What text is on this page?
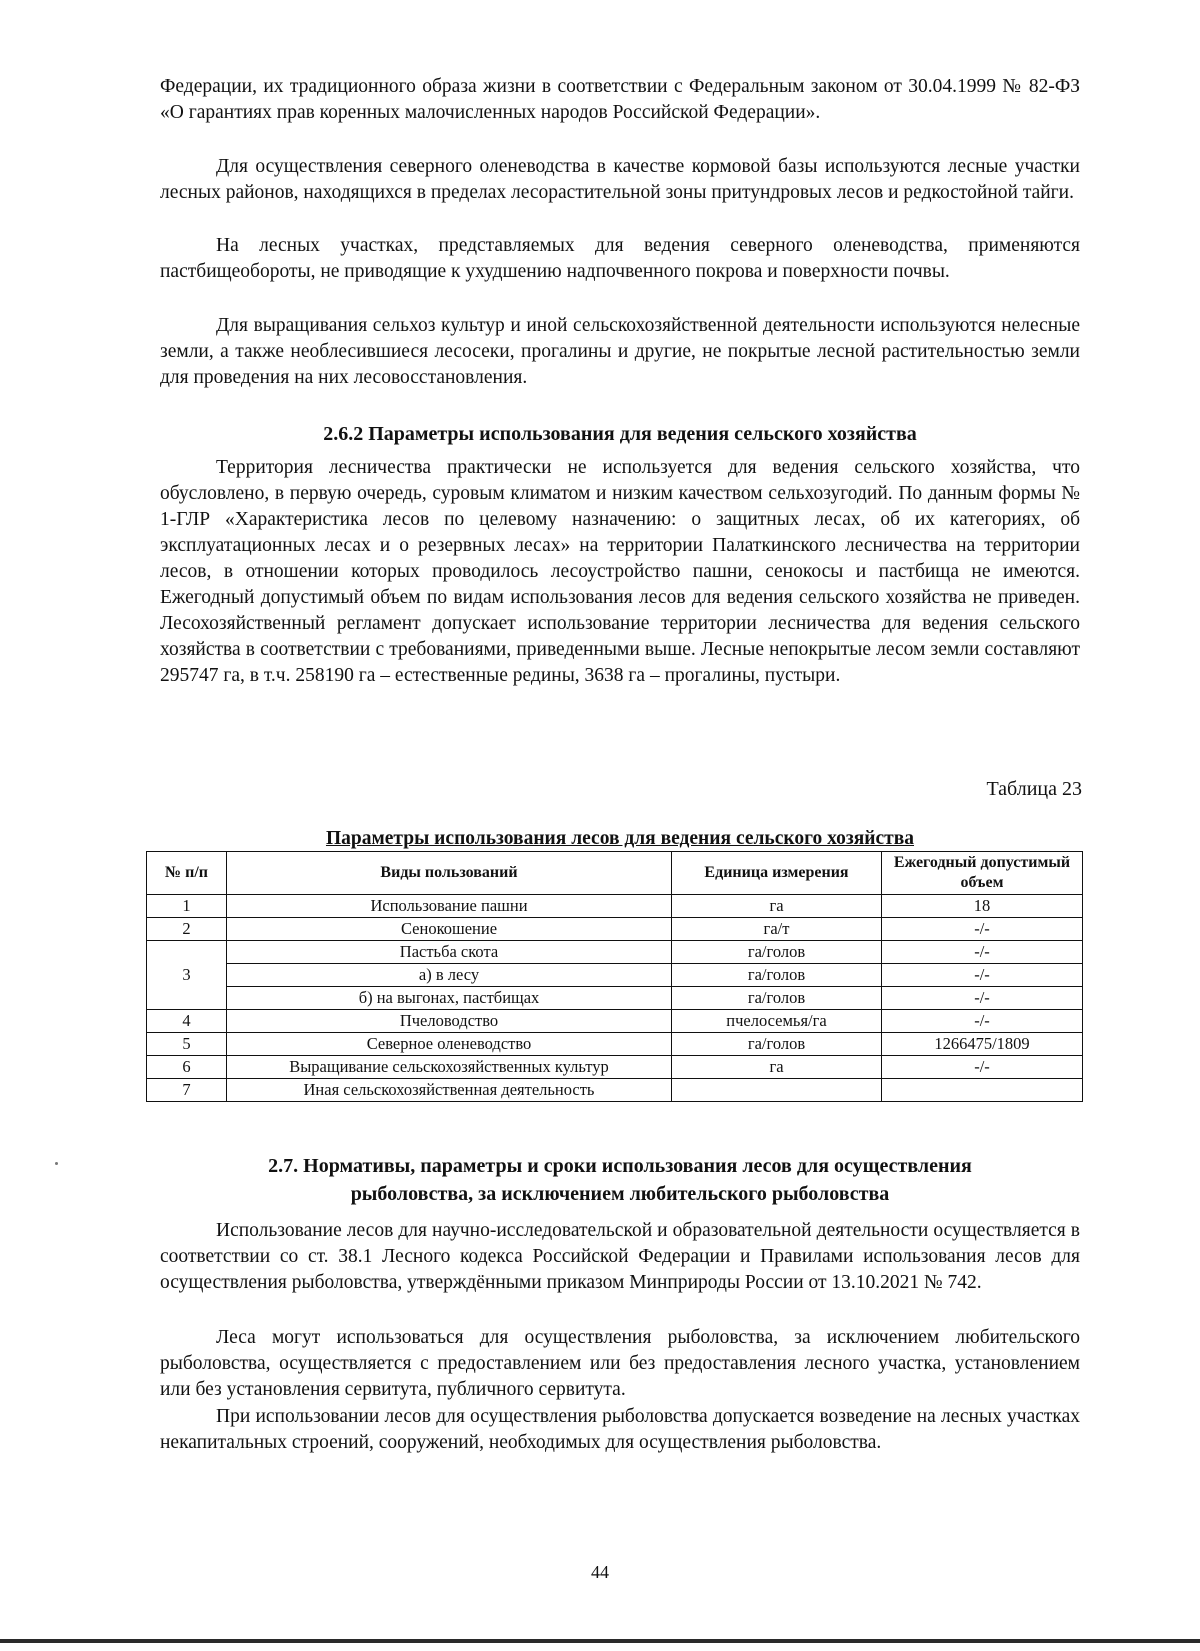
Федерации, их традиционного образа жизни в соответствии с Федеральным законом от 30.04.1999 № 82-ФЗ «О гарантиях прав коренных малочисленных народов Российской Федерации».
Для осуществления северного оленеводства в качестве кормовой базы используются лесные участки лесных районов, находящихся в пределах лесорастительной зоны притундровых лесов и редкостойной тайги.
На лесных участках, представляемых для ведения северного оленеводства, применяются пастбищеобороты, не приводящие к ухудшению надпочвенного покрова и поверхности почвы.
Для выращивания сельхоз культур и иной сельскохозяйственной деятельности используются нелесные земли, а также необлесившиеся лесосеки, прогалины и другие, не покрытые лесной растительностью земли для проведения на них лесовосстановления.
2.6.2 Параметры использования для ведения сельского хозяйства
Территория лесничества практически не используется для ведения сельского хозяйства, что обусловлено, в первую очередь, суровым климатом и низким качеством сельхозугодий. По данным формы № 1-ГЛР «Характеристика лесов по целевому назначению: о защитных лесах, об их категориях, об эксплуатационных лесах и о резервных лесах» на территории Палаткинского лесничества на территории лесов, в отношении которых проводилось лесоустройство пашни, сенокосы и пастбища не имеются. Ежегодный допустимый объем по видам использования лесов для ведения сельского хозяйства не приведен. Лесохозяйственный регламент допускает использование территории лесничества для ведения сельского хозяйства в соответствии с требованиями, приведенными выше. Лесные непокрытые лесом земли составляют 295747 га, в т.ч. 258190 га – естественные редины, 3638 га – прогалины, пустыри.
Таблица 23
Параметры использования лесов для ведения сельского хозяйства
№ п/п	Виды пользований	Единица измерения	Ежегодный допустимый объем
1	Использование пашни	га	18
2	Сенокошение	га/т	-/-
3	Пастьба скота	га/голов	-/-
	а) в лесу	га/голов	-/-
	б) на выгонах, пастбищах	га/голов	-/-
4	Пчеловодство	пчелосемья/га	-/-
5	Северное оленеводство	га/голов	1266475/1809
6	Выращивание сельскохозяйственных культур	га	-/-
7	Иная сельскохозяйственная деятельность		
2.7. Нормативы, параметры и сроки использования лесов для осуществления
рыболовства, за исключением любительского рыболовства
Использование лесов для научно-исследовательской и образовательной деятельности осуществляется в соответствии со ст. 38.1 Лесного кодекса Российской Федерации и Правилами использования лесов для осуществления рыболовства, утверждёнными приказом Минприроды России от 13.10.2021 № 742.
Леса могут использоваться для осуществления рыболовства, за исключением любительского рыболовства, осуществляется с предоставлением или без предоставления лесного участка, установлением или без установления сервитута, публичного сервитута.
При использовании лесов для осуществления рыболовства допускается возведение на лесных участках некапитальных строений, сооружений, необходимых для осуществления рыболовства.
44
